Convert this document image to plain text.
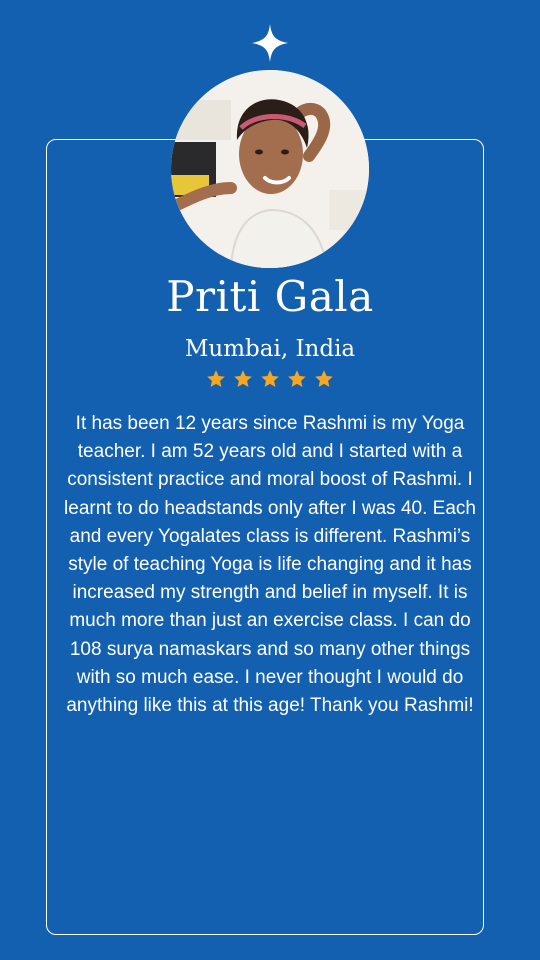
Priti Gala
Mumbai, India

It has been 12 years since Rashmi is my Yoga teacher. I am 52 years old and I started with a consistent practice and moral boost of Rashmi. I learnt to do headstands only after I was 40. Each and every Yogalates class is different. Rashmi’s style of teaching Yoga is life changing and it has increased my strength and belief in myself. It is much more than just an exercise class. I can do 108 surya namaskars and so many other things with so much ease. I never thought I would do anything like this at this age! Thank you Rashmi!
